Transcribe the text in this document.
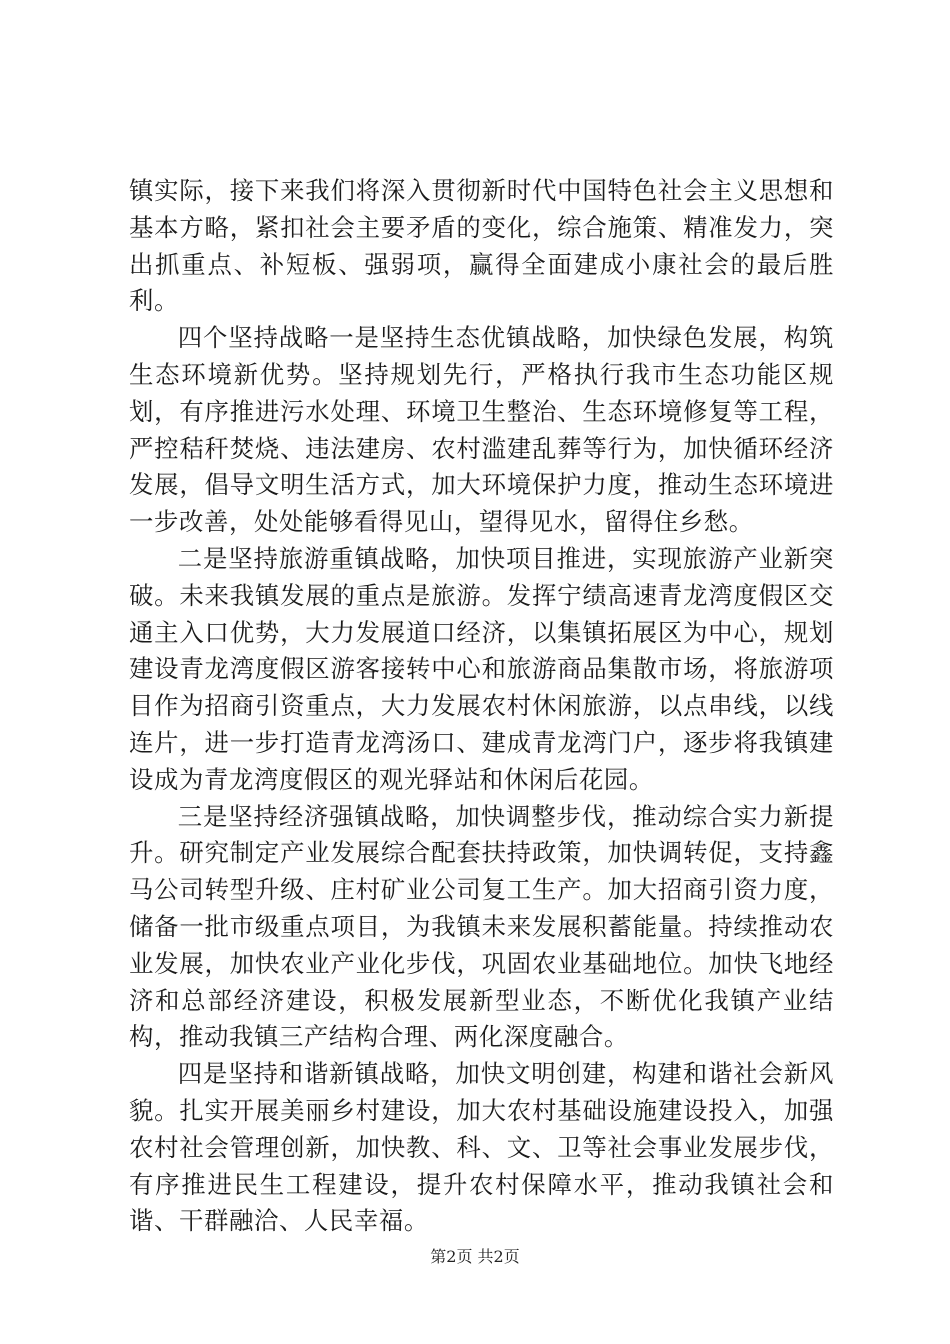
镇实际，接下来我们将深入贯彻新时代中国特色社会主义思想和基本方略，紧扣社会主要矛盾的变化，综合施策、精准发力，突出抓重点、补短板、强弱项，赢得全面建成小康社会的最后胜利。

四个坚持战略一是坚持生态优镇战略，加快绿色发展，构筑生态环境新优势。坚持规划先行，严格执行我市生态功能区规划，有序推进污水处理、环境卫生整治、生态环境修复等工程，严控秸秆焚烧、违法建房、农村滥建乱葬等行为，加快循环经济发展，倡导文明生活方式，加大环境保护力度，推动生态环境进一步改善，处处能够看得见山，望得见水，留得住乡愁。

二是坚持旅游重镇战略，加快项目推进，实现旅游产业新突破。未来我镇发展的重点是旅游。发挥宁绩高速青龙湾度假区交通主入口优势，大力发展道口经济，以集镇拓展区为中心，规划建设青龙湾度假区游客接转中心和旅游商品集散市场，将旅游项目作为招商引资重点，大力发展农村休闲旅游，以点串线，以线连片，进一步打造青龙湾汤口、建成青龙湾门户，逐步将我镇建设成为青龙湾度假区的观光驿站和休闲后花园。

三是坚持经济强镇战略，加快调整步伐，推动综合实力新提升。研究制定产业发展综合配套扶持政策，加快调转促，支持鑫马公司转型升级、庄村矿业公司复工生产。加大招商引资力度，储备一批市级重点项目，为我镇未来发展积蓄能量。持续推动农业发展，加快农业产业化步伐，巩固农业基础地位。加快飞地经济和总部经济建设，积极发展新型业态，不断优化我镇产业结构，推动我镇三产结构合理、两化深度融合。

四是坚持和谐新镇战略，加快文明创建，构建和谐社会新风貌。扎实开展美丽乡村建设，加大农村基础设施建设投入，加强农村社会管理创新，加快教、科、文、卫等社会事业发展步伐，有序推进民生工程建设，提升农村保障水平，推动我镇社会和谐、干群融洽、人民幸福。

第2页 共2页
